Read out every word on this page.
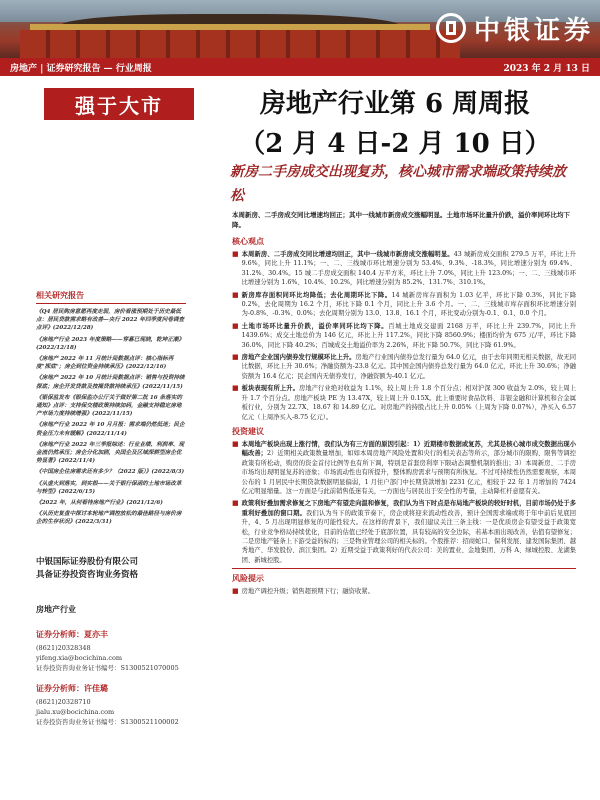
中银证券
房地产 | 证券研究报告 — 行业周报	2023 年 2 月 13 日
强于大市	房地产行业第 6 周周报
（2 月 4 日-2 月 10 日）
新房二手房成交出现复苏，核心城市需求端政策持续放松
相关研究报告
《Q4 居民购房意愿再度走弱，房价看涨预期处于历史最低点：居民贷款需求略有改善—央行 2022 年四季度问卷调查点评》(2022/12/28)
《房地产行业 2023 年度策略——穿暮已现晓，乾坤正潮》(2022/12/18)
《房地产 2022 年 11 月统计局数据点评：核心指标再度"探底"；房企到位资金持续承压》(2022/12/16)
《房地产 2022 年 10 月统计局数据点评：销售与投资持续探底；房企开发贷款及按揭贷款持续承压》(2022/11/15)
《银保监发布《银保监办公厅关于做好第二批 16 条落实的通知》点评：支持保交楼政策持续加码，金融支持稳定房地产市场力度持续增强》(2022/11/15)
《房地产行业 2022 年 10 月月报：需求端仍然低迷；民企资金压力未有缓解》(2022/11/14)
《房地产行业 2022 年三季报综述：行业业绩、利润率、现金流仍然承压；房企分化加剧，央国企及区域深耕型房企优势显著》(2022/11/4)
《中国房企住房需求还有多少？（2022 版）》(2022/8/3)
《从虚火到落实，到实根——关于银行保函的土地市场改革与转型》(2022/6/15)
《2022 年，从何看待房地产行业》(2021/12/6)
《从历史复盘中探讨本轮地产调控放松的最佳路径与房价房企的生存状况》(2022/3/31)
中银国际证券股份有限公司
具备证券投资咨询业务资格
房地产行业
证券分析师：夏亦丰
(8621)20328348
yifeng.xia@bocichina.com
证券投资咨询业务证书编号：S1300521070005
证券分析师：许佳璐
(8621)20328710
jialu.xu@bocichina.com
证券投资咨询业务证书编号：S1300521100002
本周新房、二手房成交同比增速均回正；其中一线城市新房成交涨幅明显。土地市场环比量升价跌，溢价率同环比均下降。
核心观点
■ 本周新房、二手房成交同比增速均回正，其中一线城市新房成交涨幅明显。43 城新房成交面积 279.5 万平，环比上升 9.6%，同比上升 11.1%；一、二、三线城市环比增速分别为 53.4%、9.3%、-18.3%，同比增速分别为 69.4%、31.2%、30.4%。15 城二手房成交面积 140.4 万平方米，环比上升 7.0%，同比上升 123.0%；一、二、三线城市环比增速分别为 1.6%、10.4%、10.2%，同比增速分别为 85.2%、131.7%、310.1%。
■ 新房库存面积同环比均降低；去化周期环比下降。14 城新房库存面积为 1.03 亿平，环比下降 0.3%，同比下降 0.2%，去化周期为 16.2 个月，环比下降 0.1 个月，同比上升 3.6 个月。一、二、三线城市库存面积环比增速分别为-0.8%、-0.3%、0.0%；去化周期分别为 13.0、13.8、16.1 个月，环比变动分别为-0.1、0.1、0.0 个月。
■ 土地市场环比量升价跌，溢价率同环比均下降。百城土地成交建面 2168 万平，环比上升 239.7%，同比上升 1439.6%；成交土地总价为 146 亿元，环比上升 117.2%，同比下降 8560.9%；楼面均价为 675 元/平，环比下降 36.0%，同比下降 40.2%；百城成交土地溢价率为 2.26%，环比下降 50.7%，同比下降 61.9%。
■ 房地产企业国内债券发行规模环比上升。房地产行业国内债券总发行量为 64.0 亿元，由于去年同期无相关数据，故无同比数据，环比上升 30.6%；净融资额为-23.8 亿元。其中国企国内债券总发行量为 64.0 亿元，环比上升 30.6%；净融资额为 16.4 亿元；民企国内无债券发行，净融资额为-40.1 亿元。
■ 板块表现有所上升。房地产行业绝对收益为 1.1%，较上周上升 1.8 个百分点；相对沪深 300 收益为 2.0%，较上周上升 1.7 个百分点。房地产板块 PE 为 13.47X，较上周上升 0.15X。此上重要时食品饮料、非银金融和计算机和合金属板行业，分别为 22.7X、18.67 和 14.89 亿元。对房地产的持股占比上升 0.05%（上周为下降 0.07%），净买入 6.57 亿元（上周净买入-8.75 亿元）。
投资建议
■ 本周地产板块出现上涨行情，我们认为有三方面的原因引起：1）近期楼市数据或复苏，尤其是核心城市成交数据出现小幅改善；2）近期相关政策数量增加，如如本周房地产风险处置和央行的相关表态等所示，部分城市的限购、限售等调控政策有所松动，购房的资金首付比例等也有所下调，特别是首套房利率下限动态调整机制的推出；3）本周新房、二手房市场均出现明显复苏的迹象；市场流动性也有所提升，整体购房需求与预期有所恢复。不过可持续性仍然需要观察，本周公布的 1 月居民中长期贷款数据明显偏弱，1 月住户部门中长期贷款增加 2231 亿元，相较于 22 年 1 月增加的 7424 亿元明显缩量。这一方面是与此前销售低迷有关，一方面也与居民出于安全性的考量，主动降杠杆意愿有关。
■ 政策利好叠加需求修复之下房地产有望走向温和修复，我们认为当下时点是布局地产板块的较好时机，目前市场仍处于多重利好叠加的窗口期。我们认为当下的政策节奏下，房企或将迎来流动性改善，预计全国需求端或将于年中前后见底回升，4、5 月出现明显修复的可能性较大。在这样的背景下，我们建议关注三条主线：一是优质房企有望受益于政策宽松，行业竞争格局持续优化，目前的估值已经处于底部位置，具有较高的安全边际，若基本面出现改善，估值有望修复；二是房地产链条上下游受益的标的；三是物业管理公司的相关标的。个股推荐：招商蛇口、保利发展、建发国际集团、越秀地产、华发股份、滨江集团。2）近期受益于政策利好的代表公司：美的置业、金地集团、万科 A、绿城控股、龙湖集团、新城控股。
风险提示
■ 房地产调控升级；销售超预期下行；融资收紧。
